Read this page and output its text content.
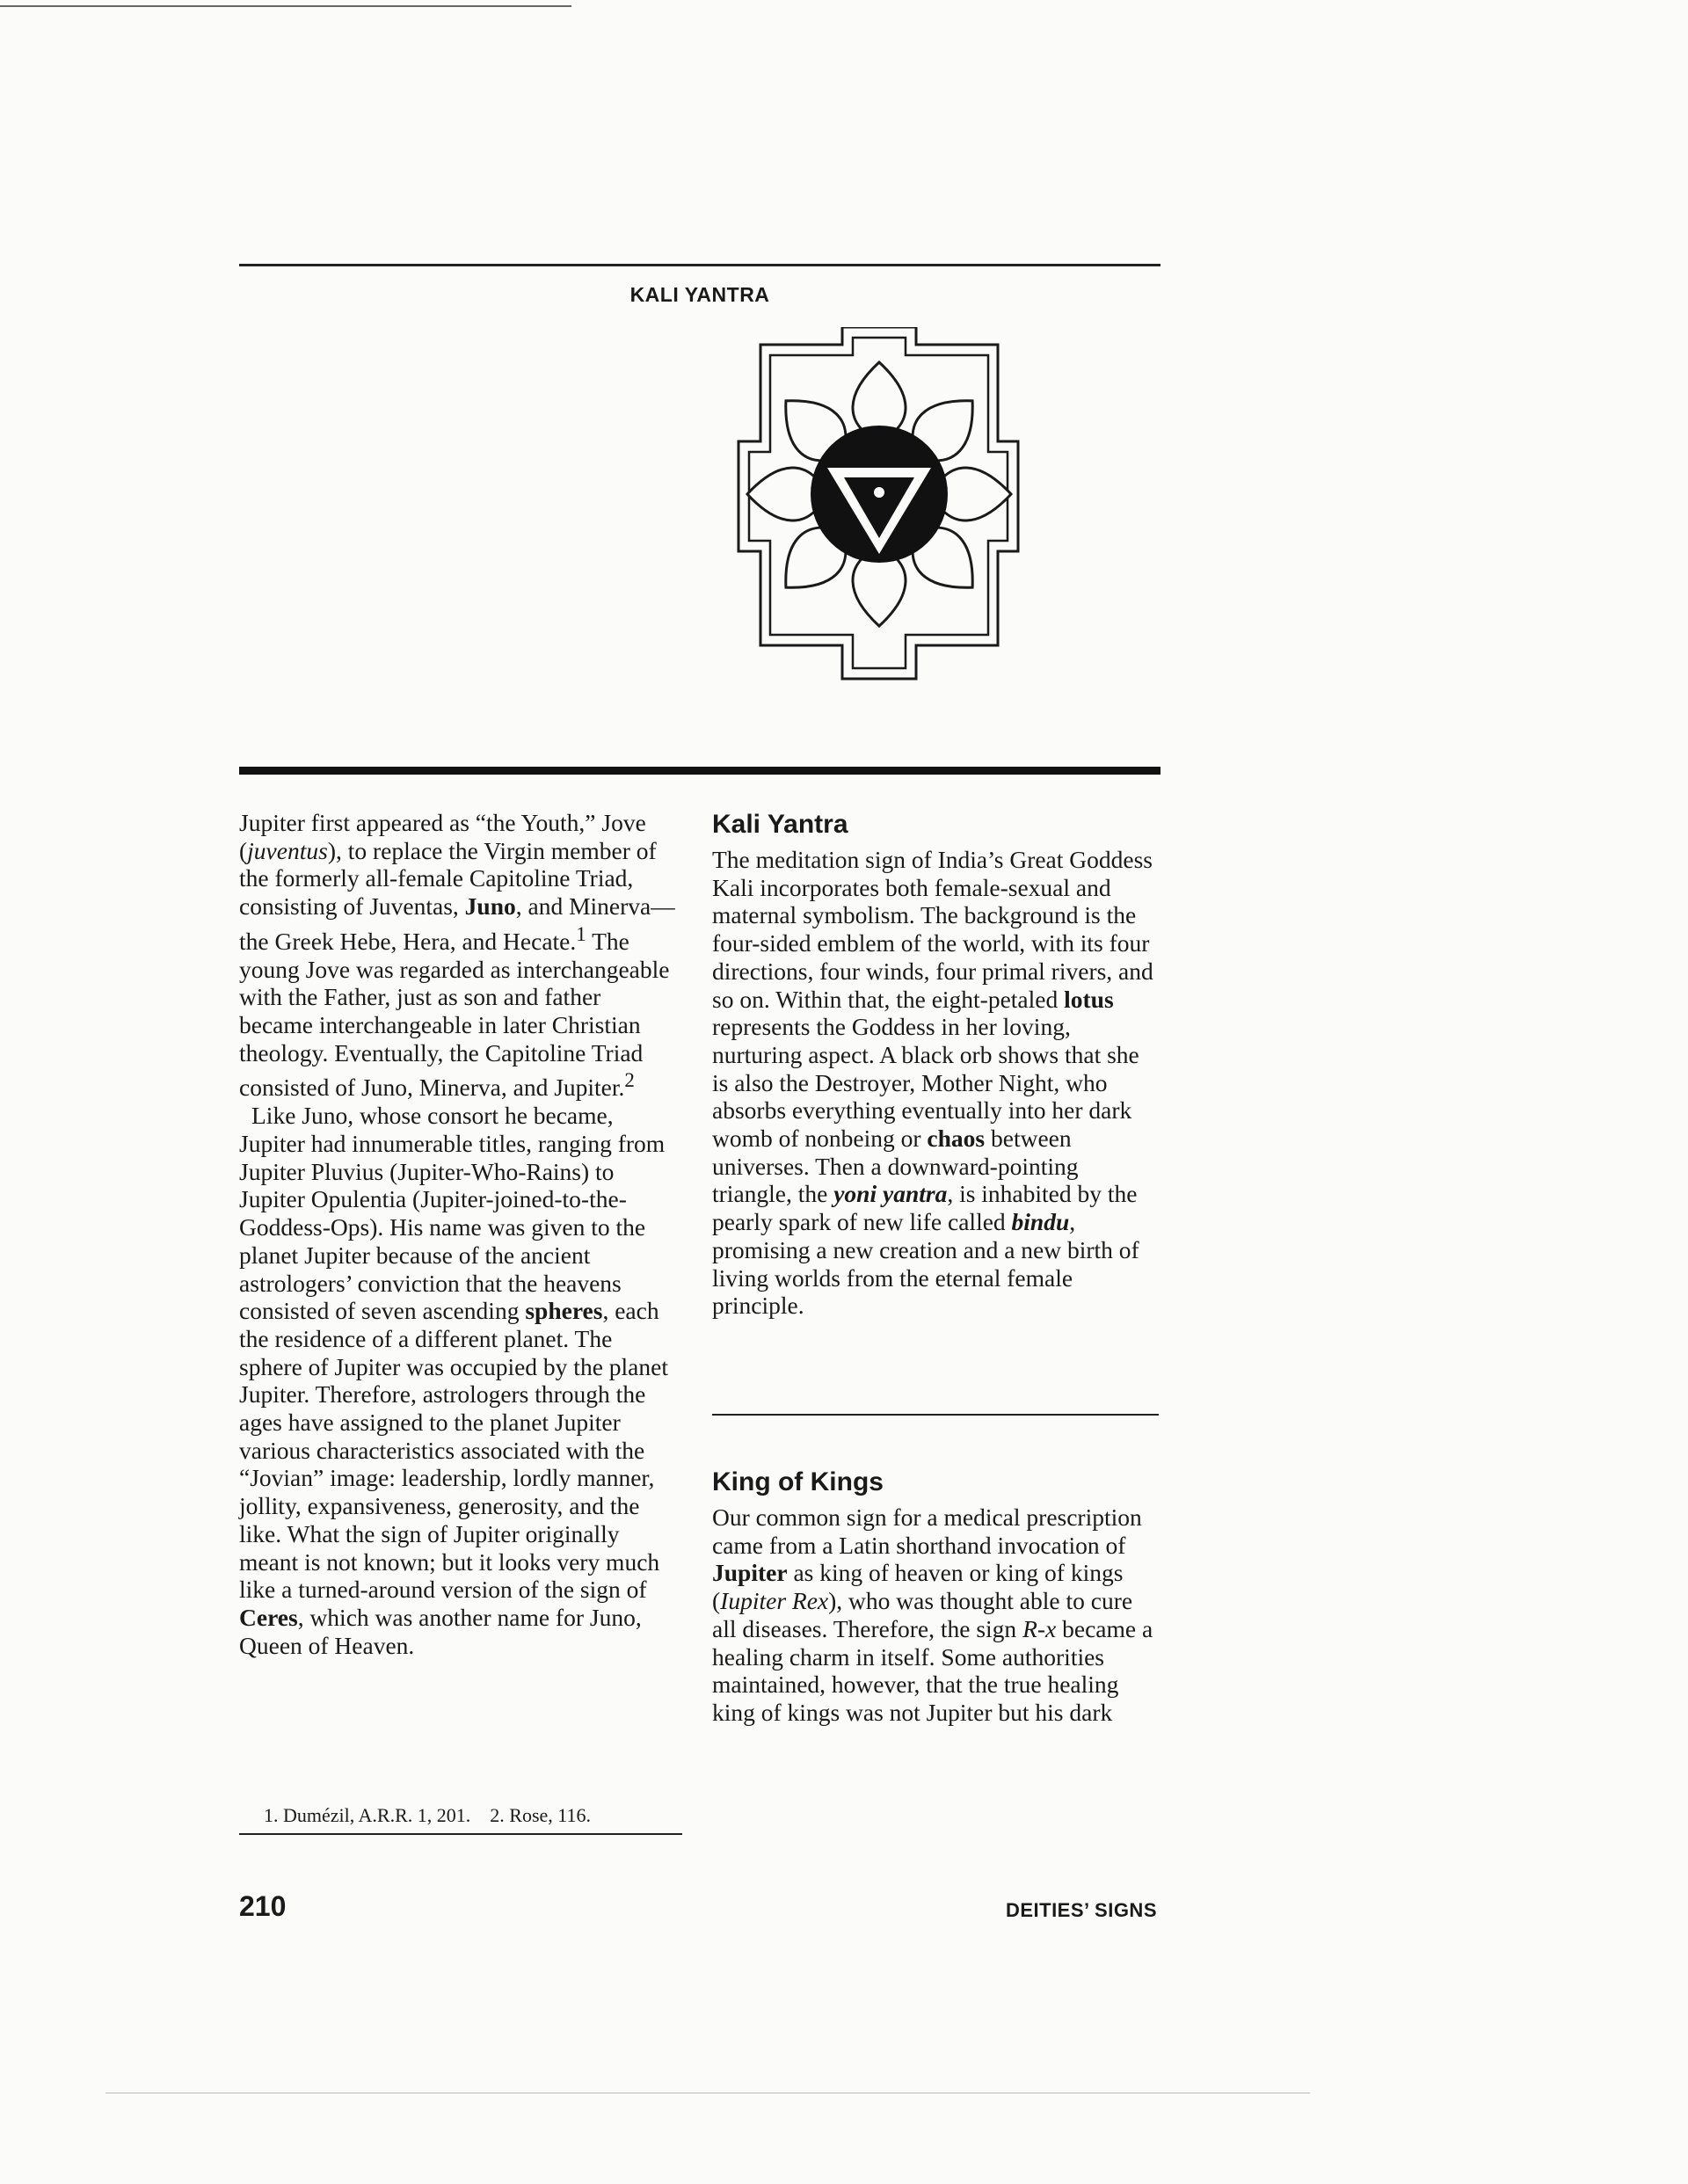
KALI YANTRA

Jupiter first appeared as “the Youth,” Jove (juventus), to replace the Virgin member of the formerly all-female Capitoline Triad, consisting of Juventas, Juno, and Minerva—the Greek Hebe, Hera, and Hecate.$^1$ The young Jove was regarded as interchangeable with the Father, just as son and father became interchangeable in later Christian theology. Eventually, the Capitoline Triad consisted of Juno, Minerva, and Jupiter.$^2$

Like Juno, whose consort he became, Jupiter had innumerable titles, ranging from Jupiter Pluvius (Jupiter-Who-Rains) to Jupiter Opulentia (Jupiter-joined-to-the-Goddess-Ops). His name was given to the planet Jupiter because of the ancient astrologers’ conviction that the heavens consisted of seven ascending spheres, each the residence of a different planet. The sphere of Jupiter was occupied by the planet Jupiter. Therefore, astrologers through the ages have assigned to the planet Jupiter various characteristics associated with the “Jovian” image: leadership, lordly manner, jollity, expansiveness, generosity, and the like. What the sign of Jupiter originally meant is not known; but it looks very much like a turned-around version of the sign of Ceres, which was another name for Juno, Queen of Heaven.

1. Dumézil, A.R.R. 1, 201. 2. Rose, 116.
Kali Yantra

The meditation sign of India’s Great Goddess Kali incorporates both female-sexual and maternal symbolism. The background is the four-sided emblem of the world, with its four directions, four winds, four primal rivers, and so on. Within that, the eight-petaled lotus represents the Goddess in her loving, nurturing aspect. A black orb shows that she is also the Destroyer, Mother Night, who absorbs everything eventually into her dark womb of nonbeing or chaos between universes. Then a downward-pointing triangle, the yoni yantra, is inhabited by the pearly spark of new life called bindu, promising a new creation and a new birth of living worlds from the eternal female principle.

King of Kings

Our common sign for a medical prescription came from a Latin shorthand invocation of Jupiter as king of heaven or king of kings (Iupiter Rex), who was thought able to cure all diseases. Therefore, the sign R-x became a healing charm in itself. Some authorities maintained, however, that the true healing king of kings was not Jupiter but his dark

210	DEITIES’ SIGNS
